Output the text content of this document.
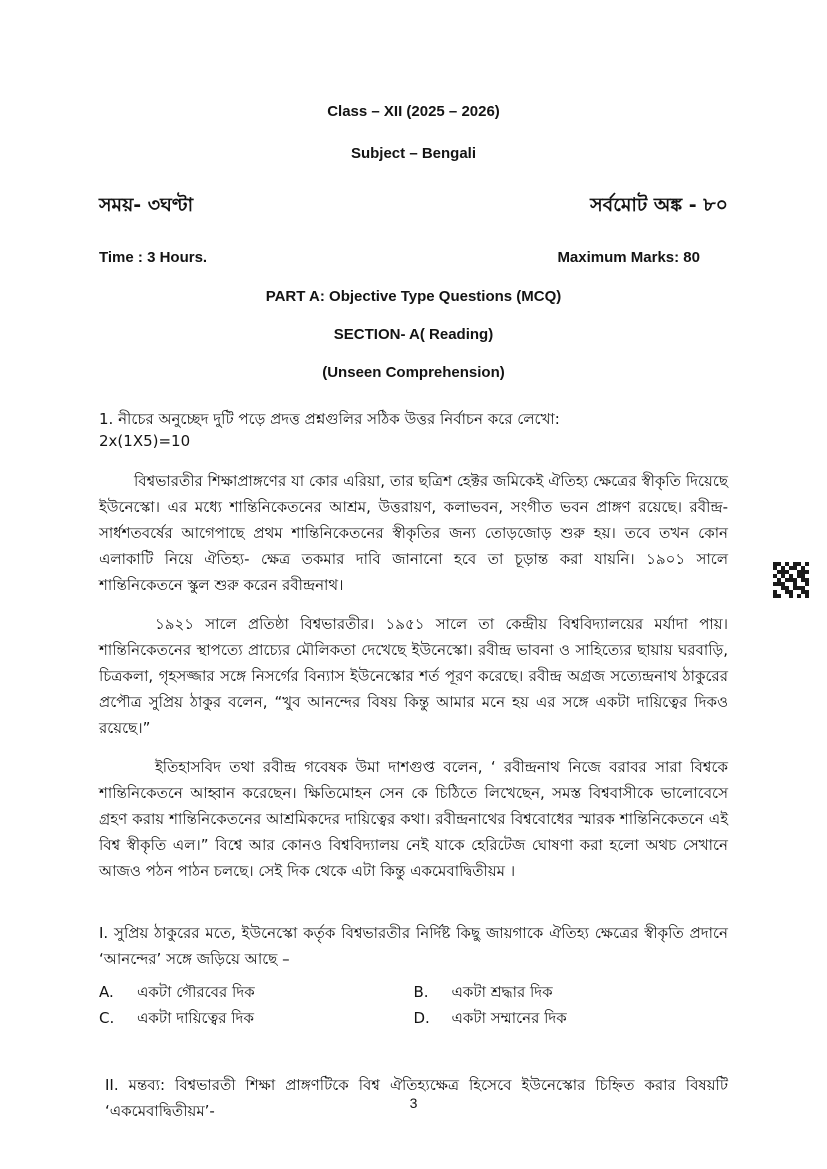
Class – XII (2025 – 2026)
Subject – Bengali
সময়- ৩ঘণ্টা	সর্বমোট অঙ্ক - ৮০
Time : 3 Hours.	Maximum Marks: 80
PART A: Objective Type Questions (MCQ)
SECTION- A( Reading)
(Unseen Comprehension)
1. নীচের অনুচ্ছেদ দুটি পড়ে প্রদত্ত প্রশ্নগুলির সঠিক উত্তর নির্বাচন করে লেখো:
2x(1X5)=10

বিশ্বভারতীর শিক্ষাপ্রাঙ্গণের যা কোর এরিয়া, তার ছত্রিশ হেক্টর জমিকেই ঐতিহ্য ক্ষেত্রের স্বীকৃতি দিয়েছে ইউনেস্কো। এর মধ্যে শান্তিনিকেতনের আশ্রম, উত্তরায়ণ, কলাভবন, সংগীত ভবন প্রাঙ্গণ রয়েছে। রবীন্দ্র- সার্ধশতবর্ষের আগেপাছে প্রথম শান্তিনিকেতনের স্বীকৃতির জন্য তোড়জোড় শুরু হয়। তবে তখন কোন এলাকাটি নিয়ে ঐতিহ্য- ক্ষেত্র তকমার দাবি জানানো হবে তা চূড়ান্ত করা যায়নি। ১৯০১ সালে শান্তিনিকেতনে স্কুল শুরু করেন রবীন্দ্রনাথ।

১৯২১ সালে প্রতিষ্ঠা বিশ্বভারতীর। ১৯৫১ সালে তা কেন্দ্রীয় বিশ্ববিদ্যালয়ের মর্যাদা পায়। শান্তিনিকেতনের স্থাপত্যে প্রাচ্যের মৌলিকতা দেখেছে ইউনেস্কো। রবীন্দ্র ভাবনা ও সাহিত্যের ছায়ায় ঘরবাড়ি, চিত্রকলা, গৃহসজ্জার সঙ্গে নিসর্গের বিন্যাস ইউনেস্কোর শর্ত পূরণ করেছে। রবীন্দ্র অগ্রজ সত্যেন্দ্রনাথ ঠাকুরের প্রপৌত্র সুপ্রিয় ঠাকুর বলেন, “খুব আনন্দের বিষয় কিন্তু আমার মনে হয় এর সঙ্গে একটা দায়িত্বের দিকও রয়েছে।”

ইতিহাসবিদ তথা রবীন্দ্র গবেষক উমা দাশগুপ্ত বলেন, ‘ রবীন্দ্রনাথ নিজে বরাবর সারা বিশ্বকে শান্তিনিকেতনে আহ্বান করেছেন। ক্ষিতিমোহন সেন কে চিঠিতে লিখেছেন, সমস্ত বিশ্ববাসীকে ভালোবেসে গ্রহণ করায় শান্তিনিকেতনের আশ্রমিকদের দায়িত্বের কথা। রবীন্দ্রনাথের বিশ্ববোধের স্মারক শান্তিনিকেতনে এই বিশ্ব স্বীকৃতি এল।” বিশ্বে আর কোনও বিশ্ববিদ্যালয় নেই যাকে হেরিটেজ ঘোষণা করা হলো অথচ সেখানে আজও পঠন পাঠন চলছে। সেই দিক থেকে এটা কিন্তু একমেবাদ্বিতীয়ম ।

I. সুপ্রিয় ঠাকুরের মতে, ইউনেস্কো কর্তৃক বিশ্বভারতীর নির্দিষ্ট কিছু জায়গাকে ঐতিহ্য ক্ষেত্রের স্বীকৃতি প্রদানে ‘আনন্দের’ সঙ্গে জড়িয়ে আছে –
A. একটা গৌরবের দিক	B. একটা শ্রদ্ধার দিক
C. একটা দায়িত্বের দিক	D. একটা সম্মানের দিক
II. মন্তব্য: বিশ্বভারতী শিক্ষা প্রাঙ্গণটিকে বিশ্ব ঐতিহ্যক্ষেত্র হিসেবে ইউনেস্কোর চিহ্নিত করার বিষয়টি ‘একমেবাদ্বিতীয়ম’-	3
